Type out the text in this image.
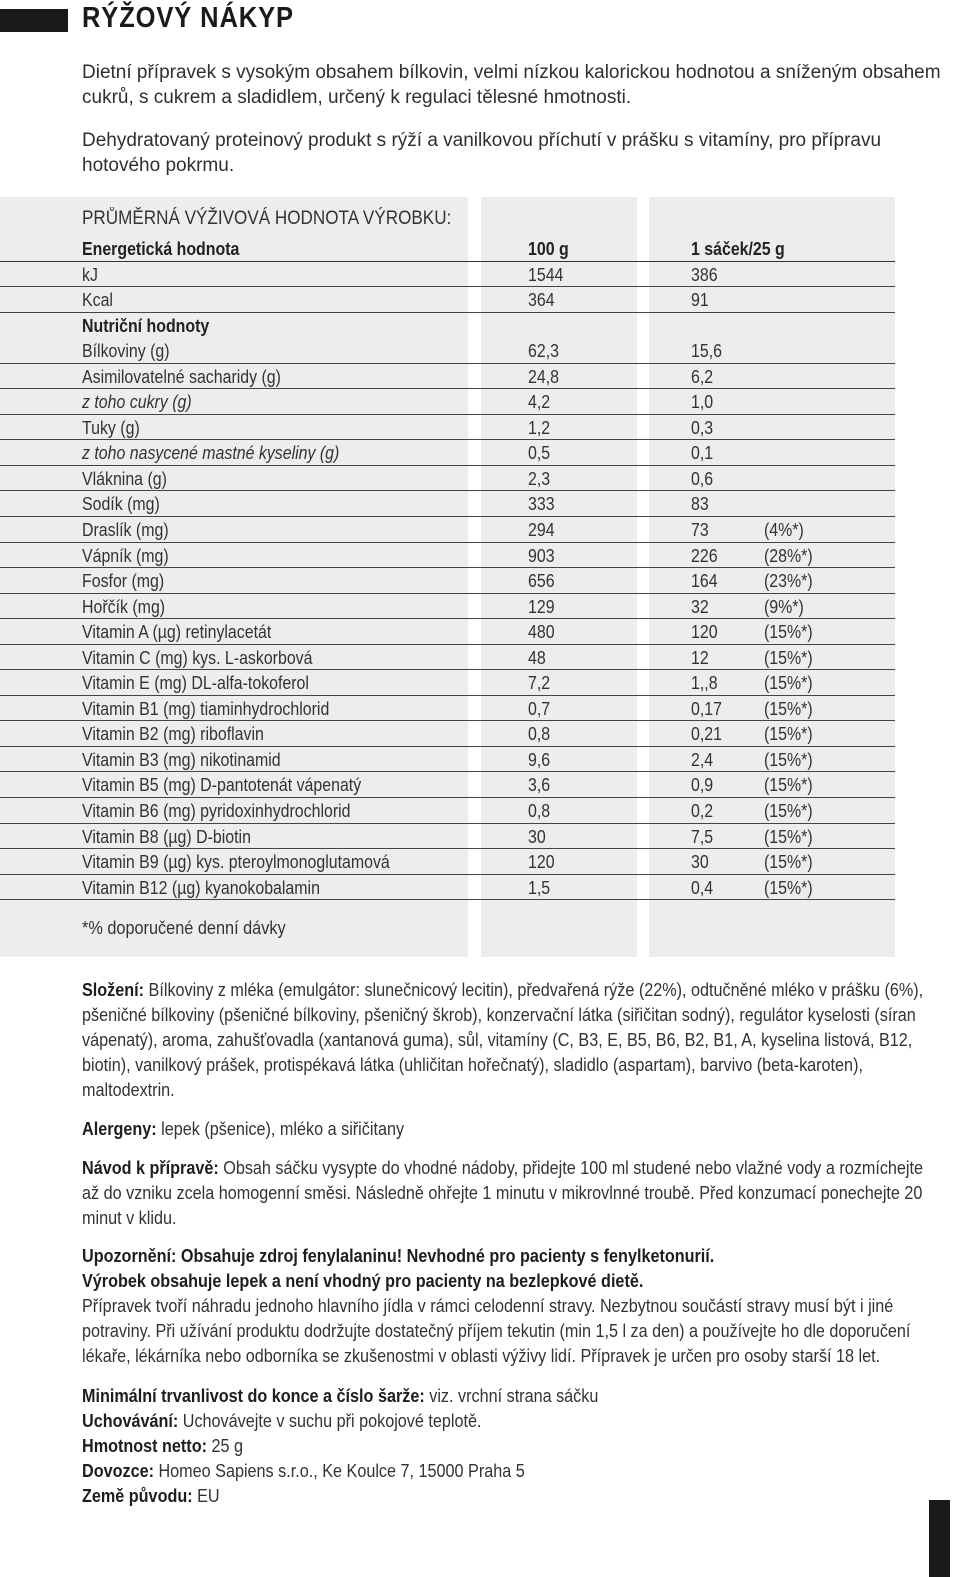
RÝŽOVÝ NÁKYP
Dietní přípravek s vysokým obsahem bílkovin, velmi nízkou kalorickou hodnotou a sníženým obsahem cukrů, s cukrem a sladidlem, určený k regulaci tělesné hmotnosti.
Dehydratovaný proteinový produkt s rýží a vanilkovou příchutí v prášku s vitamíny, pro přípravu hotového pokrmu.
PRŮMĚRNÁ VÝŽIVOVÁ HODNOTA VÝROBKU:
Energetická hodnota	100 g	1 sáček/25 g
kJ	1544	386
Kcal	364	91
Nutriční hodnoty
Bílkoviny (g)	62,3	15,6
Asimilovatelné sacharidy (g)	24,8	6,2
z toho cukry (g)	4,2	1,0
Tuky (g)	1,2	0,3
z toho nasycené mastné kyseliny (g)	0,5	0,1
Vláknina (g)	2,3	0,6
Sodík (mg)	333	83
Draslík (mg)	294	73	(4%*)
Vápník (mg)	903	226	(28%*)
Fosfor (mg)	656	164	(23%*)
Hořčík (mg)	129	32	(9%*)
Vitamin A (µg) retinylacetát	480	120	(15%*)
Vitamin C (mg) kys. L-askorbová	48	12	(15%*)
Vitamin E (mg) DL-alfa-tokoferol	7,2	1,,8	(15%*)
Vitamin B1 (mg) tiaminhydrochlorid	0,7	0,17 (15%*)
Vitamin B2 (mg) riboflavin	0,8	0,21 (15%*)
Vitamin B3 (mg) nikotinamid	9,6	2,4	(15%*)
Vitamin B5 (mg) D-pantotenát vápenatý	3,6	0,9	(15%*)
Vitamin B6 (mg) pyridoxinhydrochlorid	0,8	0,2	(15%*)
Vitamin B8 (µg) D-biotin	30	7,5	(15%*)
Vitamin B9 (µg) kys. pteroylmonoglutamová	120	30	(15%*)
Vitamin B12 (µg) kyanokobalamin	1,5	0,4	(15%*)
*% doporučené denní dávky
Složení: Bílkoviny z mléka (emulgátor: slunečnicový lecitin), předvařená rýže (22%), odtučněné mléko v prášku (6%), pšeničné bílkoviny (pšeničné bílkoviny, pšeničný škrob), konzervační látka (siřičitan sodný), regulátor kyselosti (síran vápenatý), aroma, zahušťovadla (xantanová guma), sůl, vitamíny (C, B3, E, B5, B6, B2, B1, A, kyselina listová, B12, biotin), vanilkový prášek, protispékavá látka (uhličitan hořečnatý), sladidlo (aspartam), barvivo (beta-karoten), maltodextrin.
Alergeny: lepek (pšenice), mléko a siřičitany
Návod k přípravě: Obsah sáčku vysypte do vhodné nádoby, přidejte 100 ml studené nebo vlažné vody a rozmíchejte až do vzniku zcela homogenní směsi. Následně ohřejte 1 minutu v mikrovlnné troubě. Před konzumací ponechejte 20 minut v klidu.
Upozornění: Obsahuje zdroj fenylalaninu! Nevhodné pro pacienty s fenylketonurií.
Výrobek obsahuje lepek a není vhodný pro pacienty na bezlepkové dietě.
Přípravek tvoří náhradu jednoho hlavního jídla v rámci celodenní stravy. Nezbytnou součástí stravy musí být i jiné potraviny. Při užívání produktu dodržujte dostatečný příjem tekutin (min 1,5 l za den) a používejte ho dle doporučení lékaře, lékárníka nebo odborníka se zkušenostmi v oblasti výživy lidí. Přípravek je určen pro osoby starší 18 let.
Minimální trvanlivost do konce a číslo šarže: viz. vrchní strana sáčku
Uchovávání: Uchovávejte v suchu při pokojové teplotě.
Hmotnost netto: 25 g
Dovozce: Homeo Sapiens s.r.o., Ke Koulce 7, 15000 Praha 5
Země původu: EU
